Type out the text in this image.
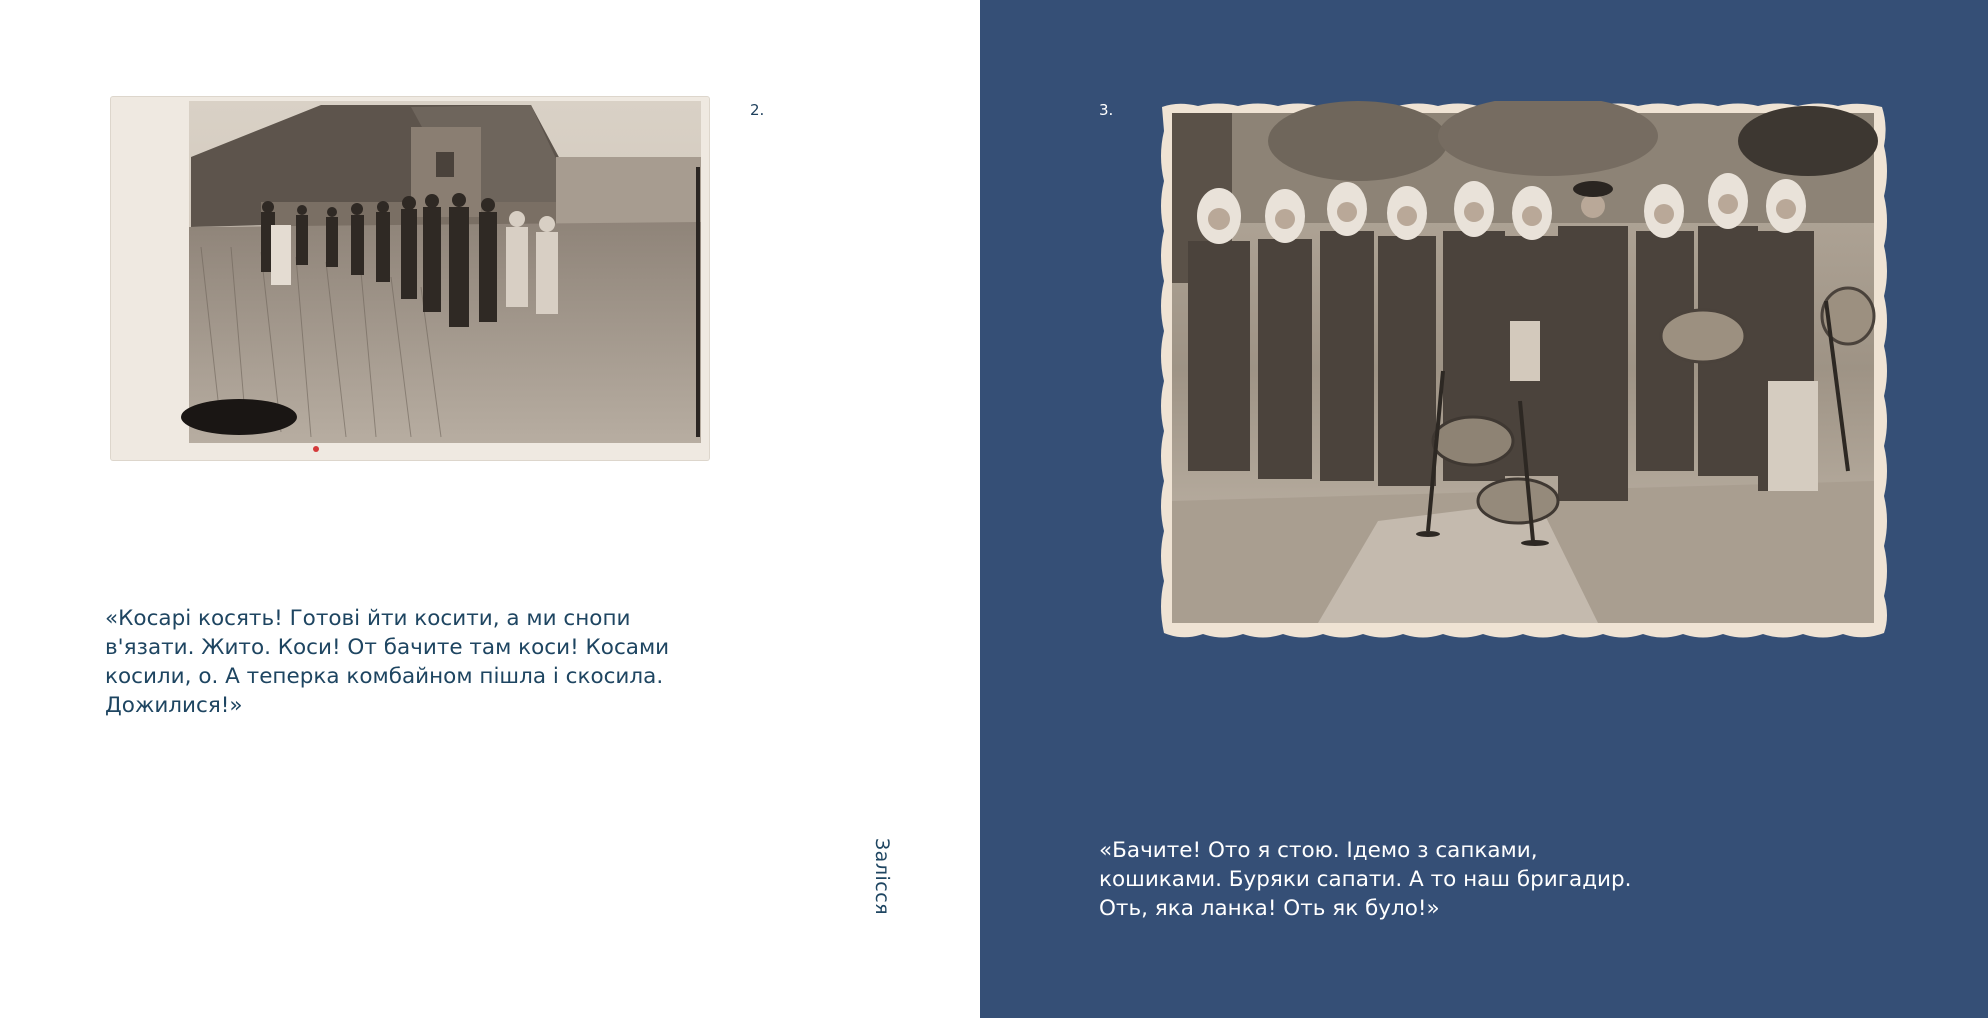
2.
«Косарі косять! Готові йти косити, а ми снопи в'язати. Жито. Коси! От бачите там коси! Косами косили, о. А теперка комбайном пішла і скосила. Дожилися!»
Залісся
3.
«Бачите! Ото я стою. Ідемо з сапками, кошиками. Буряки сапати. А то наш бригадир. Оть, яка ланка! Оть як було!»
